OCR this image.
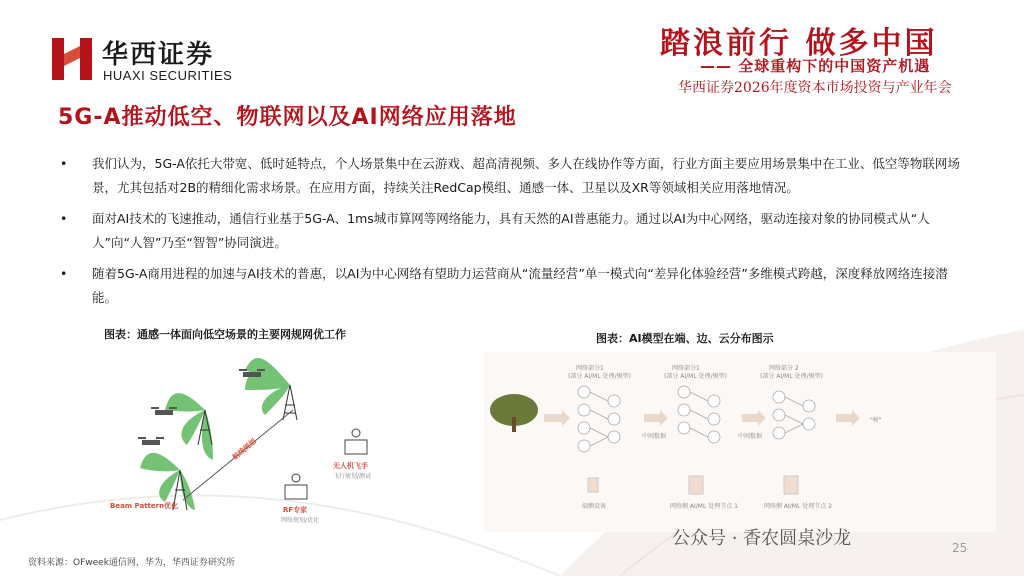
华西证券
HUAXI SECURITIES
踏浪前行 做多中国
—— 全球重构下的中国资产机遇
华西证券2026年度资本市场投资与产业年会
5G-A推动低空、物联网以及AI网络应用落地
• 我们认为，5G-A依托大带宽、低时延特点，个人场景集中在云游戏、超高清视频、多人在线协作等方面，行业方面主要应用场景集中在工业、低空等物联网场景，尤其包括对2B的精细化需求场景。在应用方面，持续关注RedCap模组、通感一体、卫星以及XR等领域相关应用落地情况。
• 面对AI技术的飞速推动，通信行业基于5G-A、1ms城市算网等网络能力，具有天然的AI普惠能力。通过以AI为中心网络，驱动连接对象的协同模式从“人人”向“人智”乃至“智智”协同演进。
• 随着5G-A商用进程的加速与AI技术的普惠，以AI为中心网络有望助力运营商从“流量经营”单一模式向“差异化体验经营”多维模式跨越，深度释放网络连接潜能。
图表：通感一体面向低空场景的主要网规网优工作
航线规划
Beam Pattern优化	RF专家
网络规划/优化
无人机飞手
飞行规划/测试
图表：AI模型在端、边、云分布图示
网络部分1
(部分 AI/ML 处理/模型)
网络部分1
(部分 AI/ML 处理/模型)
网络部分 2
(部分 AI/ML 处理/模型)
中间数据	中间数据
"树"
端侧设备	网络侧 AI/ML 处理节点 1	网络侧 AI/ML 处理节点 2
资料来源：OFweek通信网，华为，华西证券研究所
公众号 · 香农圆桌沙龙	25
